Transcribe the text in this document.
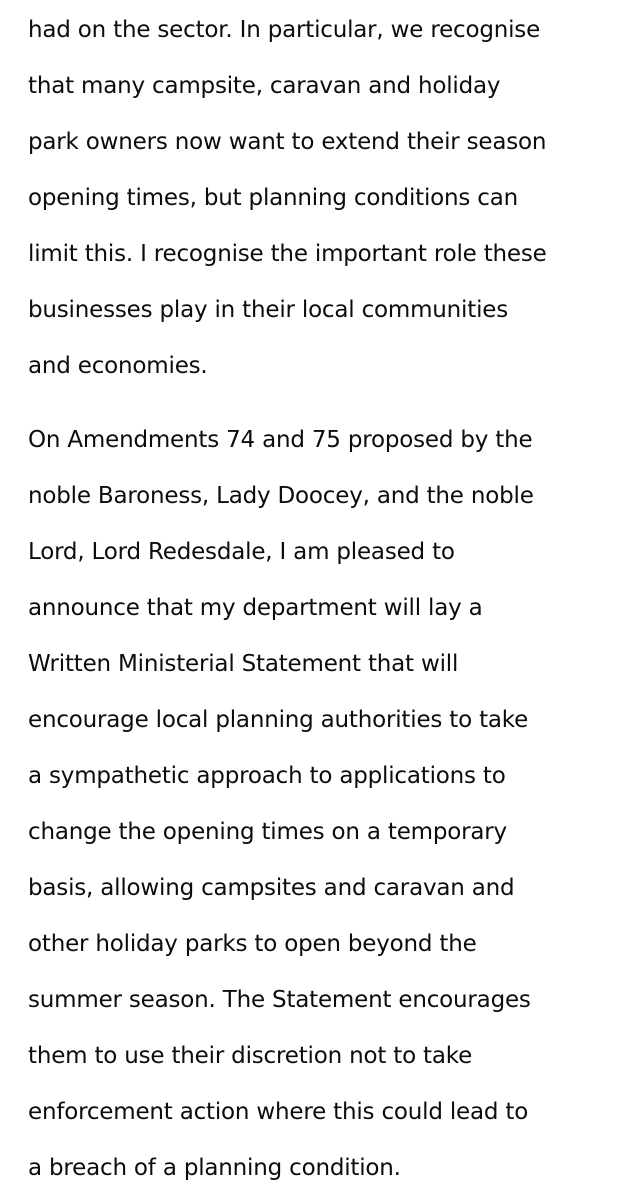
had on the sector. In particular, we recognise
that many campsite, caravan and holiday
park owners now want to extend their season
opening times, but planning conditions can
limit this. I recognise the important role these
businesses play in their local communities
and economies.
On Amendments 74 and 75 proposed by the
noble Baroness, Lady Doocey, and the noble
Lord, Lord Redesdale, I am pleased to
announce that my department will lay a
Written Ministerial Statement that will
encourage local planning authorities to take
a sympathetic approach to applications to
change the opening times on a temporary
basis, allowing campsites and caravan and
other holiday parks to open beyond the
summer season. The Statement encourages
them to use their discretion not to take
enforcement action where this could lead to
a breach of a planning condition.
